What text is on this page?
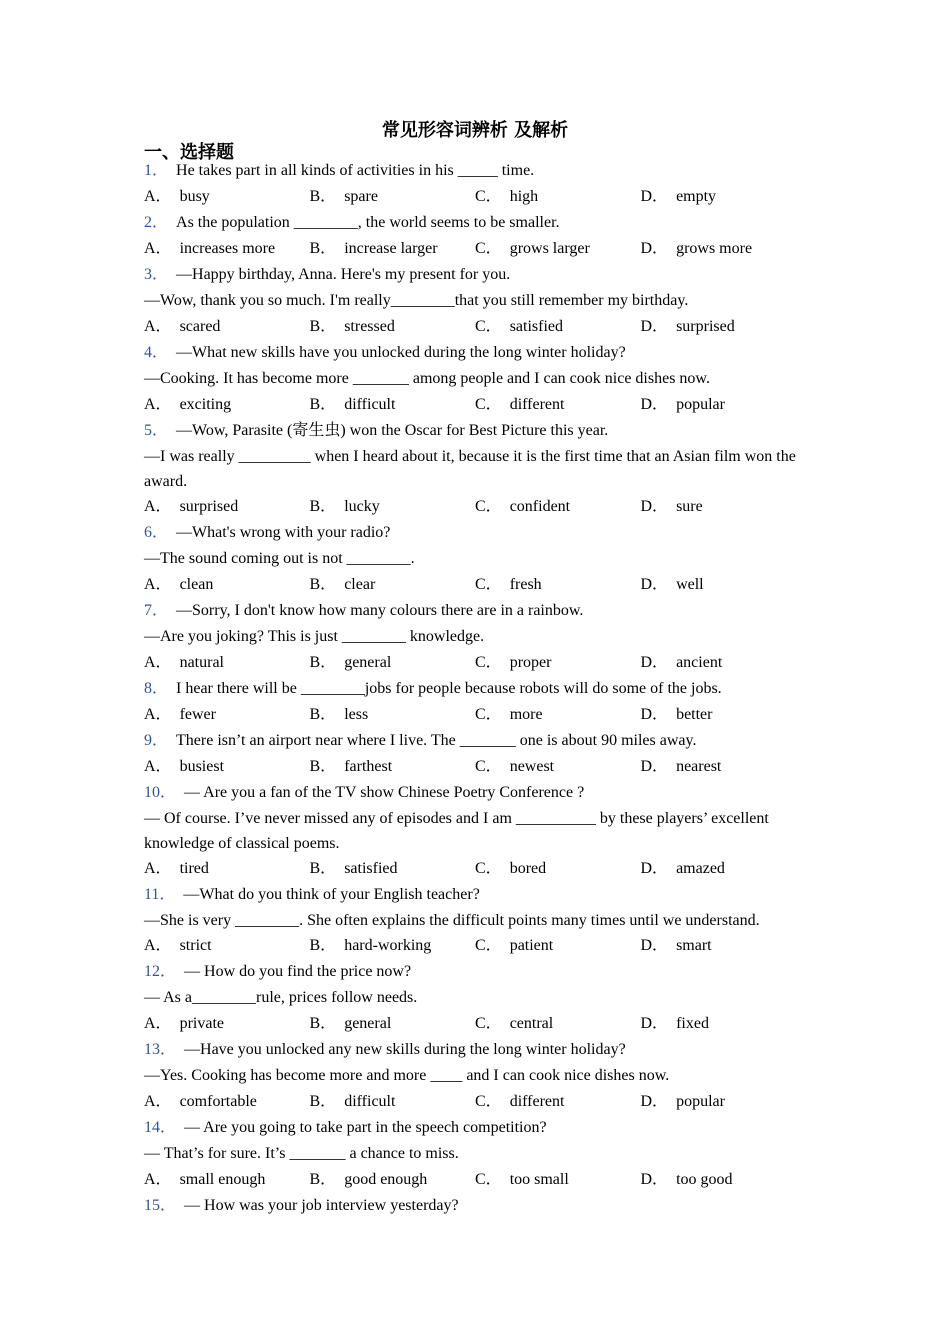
常见形容词辨析 及解析
一、选择题

1． He takes part in all kinds of activities in his _____ time.

A． busy	B． spare	C． high	D． empty

2． As the population ________, the world seems to be smaller.

A． increases more	B． increase larger	C． grows larger	D． grows more

3． —Happy birthday, Anna. Here's my present for you.

—Wow, thank you so much. I'm really________that you still remember my birthday.

A． scared	B． stressed	C． satisfied	D． surprised

4． —What new skills have you unlocked during the long winter holiday?

—Cooking. It has become more _______ among people and I can cook nice dishes now.

A． exciting	B． difficult	C． different	D． popular

5． —Wow, Parasite (寄生虫) won the Oscar for Best Picture this year.

—I was really _________ when I heard about it, because it is the first time that an Asian film won the award.

A． surprised	B． lucky	C． confident	D． sure

6． —What's wrong with your radio?

—The sound coming out is not ________.

A． clean	B． clear	C． fresh	D． well

7． —Sorry, I don't know how many colours there are in a rainbow.

—Are you joking? This is just ________ knowledge.

A． natural	B． general	C． proper	D． ancient

8． I hear there will be ________jobs for people because robots will do some of the jobs.

A． fewer	B． less	C． more	D． better

9． There isn’t an airport near where I live. The _______ one is about 90 miles away.

A． busiest	B． farthest	C． newest	D． nearest

10． — Are you a fan of the TV show Chinese Poetry Conference ?

— Of course. I’ve never missed any of episodes and I am __________ by these players’ excellent knowledge of classical poems.

A． tired	B． satisfied	C． bored	D． amazed

11． —What do you think of your English teacher?

—She is very ________. She often explains the difficult points many times until we understand.

A． strict	B． hard-working	C． patient	D． smart

12． — How do you find the price now?

— As a________rule, prices follow needs.

A． private	B． general	C． central	D． fixed

13． —Have you unlocked any new skills during the long winter holiday?

—Yes. Cooking has become more and more ____ and I can cook nice dishes now.

A． comfortable	B． difficult	C． different	D． popular

14． — Are you going to take part in the speech competition?

— That’s for sure. It’s _______ a chance to miss.

A． small enough	B． good enough	C． too small	D． too good

15． — How was your job interview yesterday?
